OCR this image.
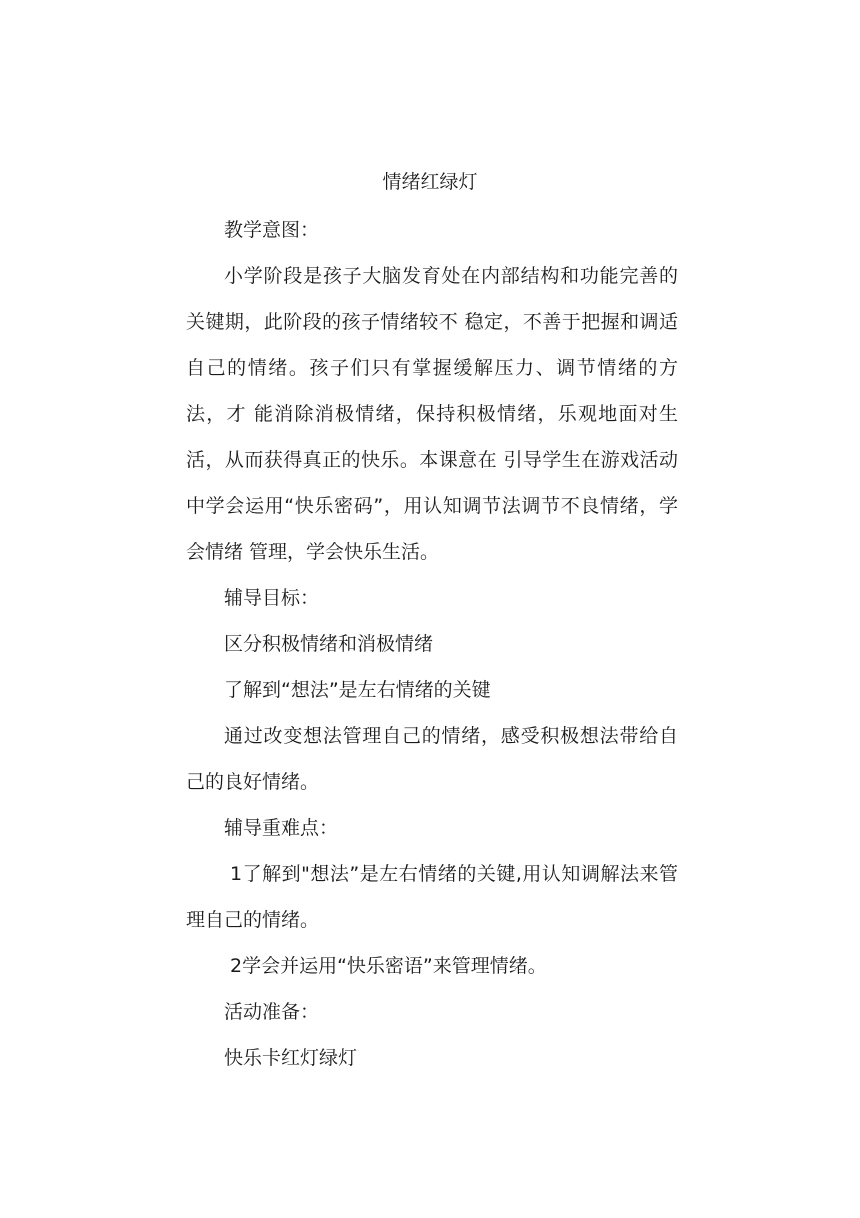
情绪红绿灯

教学意图：

小学阶段是孩子大脑发育处在内部结构和功能完善的关键期，此阶段的孩子情绪较不 稳定，不善于把握和调适自己的情绪。孩子们只有掌握缓解压力、调节情绪的方法，才 能消除消极情绪，保持积极情绪，乐观地面对生活，从而获得真正的快乐。本课意在 引导学生在游戏活动中学会运用“快乐密码”，用认知调节法调节不良情绪，学会情绪 管理，学会快乐生活。

辅导目标：

区分积极情绪和消极情绪

了解到“想法”是左右情绪的关键

通过改变想法管理自己的情绪，感受积极想法带给自己的良好情绪。

辅导重难点：

1了解到"想法”是左右情绪的关键,用认知调解法来管理自己的情绪。

2学会并运用“快乐密语”来管理情绪。

活动准备：

快乐卡红灯绿灯
